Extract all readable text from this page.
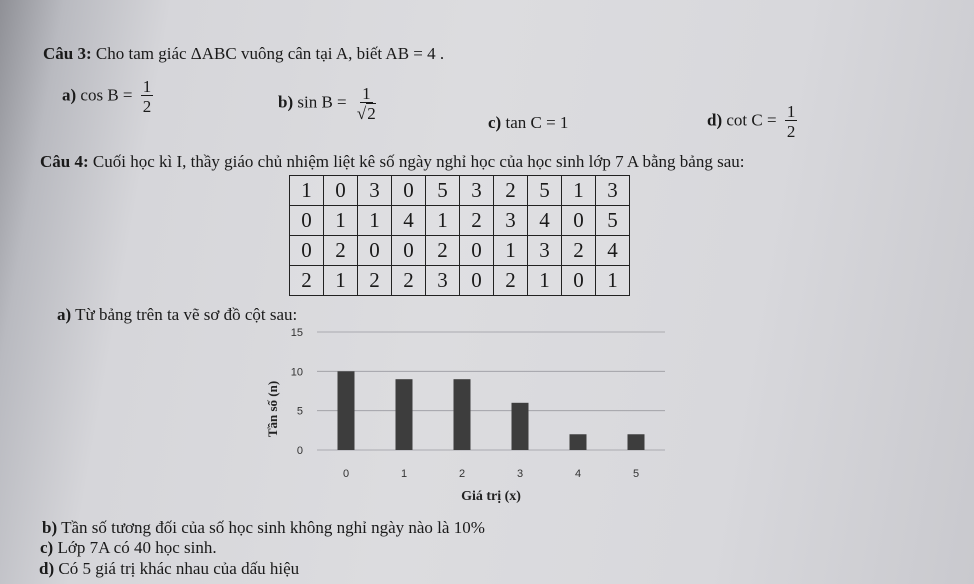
Câu 3: Cho tam giác ΔABC vuông cân tại A, biết AB = 4 .
a) $\cos B = \frac{1}{2}$	b) $\sin B = \frac{1}{√2}$
c) tan C = 1	d) $\cot C = \frac{1}{2}$
Câu 4: Cuối học kì I, thầy giáo chủ nhiệm liệt kê số ngày nghỉ học của học sinh lớp 7 A bằng bảng sau:
1	0	3	0	5	3	2	5	1	3
0	1	1	4	1	2	3	4	0	5
0	2	0	0	2	0	1	3	2	4
2	1	2	2	3	0	2	1	0	1
a) Từ bảng trên ta vẽ sơ đồ cột sau:
0
5
10
15
Tần số (n)
0	1	2	3	4	5
Giá trị (x)
b) Tần số tương đối của số học sinh không nghỉ ngày nào là 10%
c) Lớp 7A có 40 học sinh.
d) Có 5 giá trị khác nhau của dấu hiệu
